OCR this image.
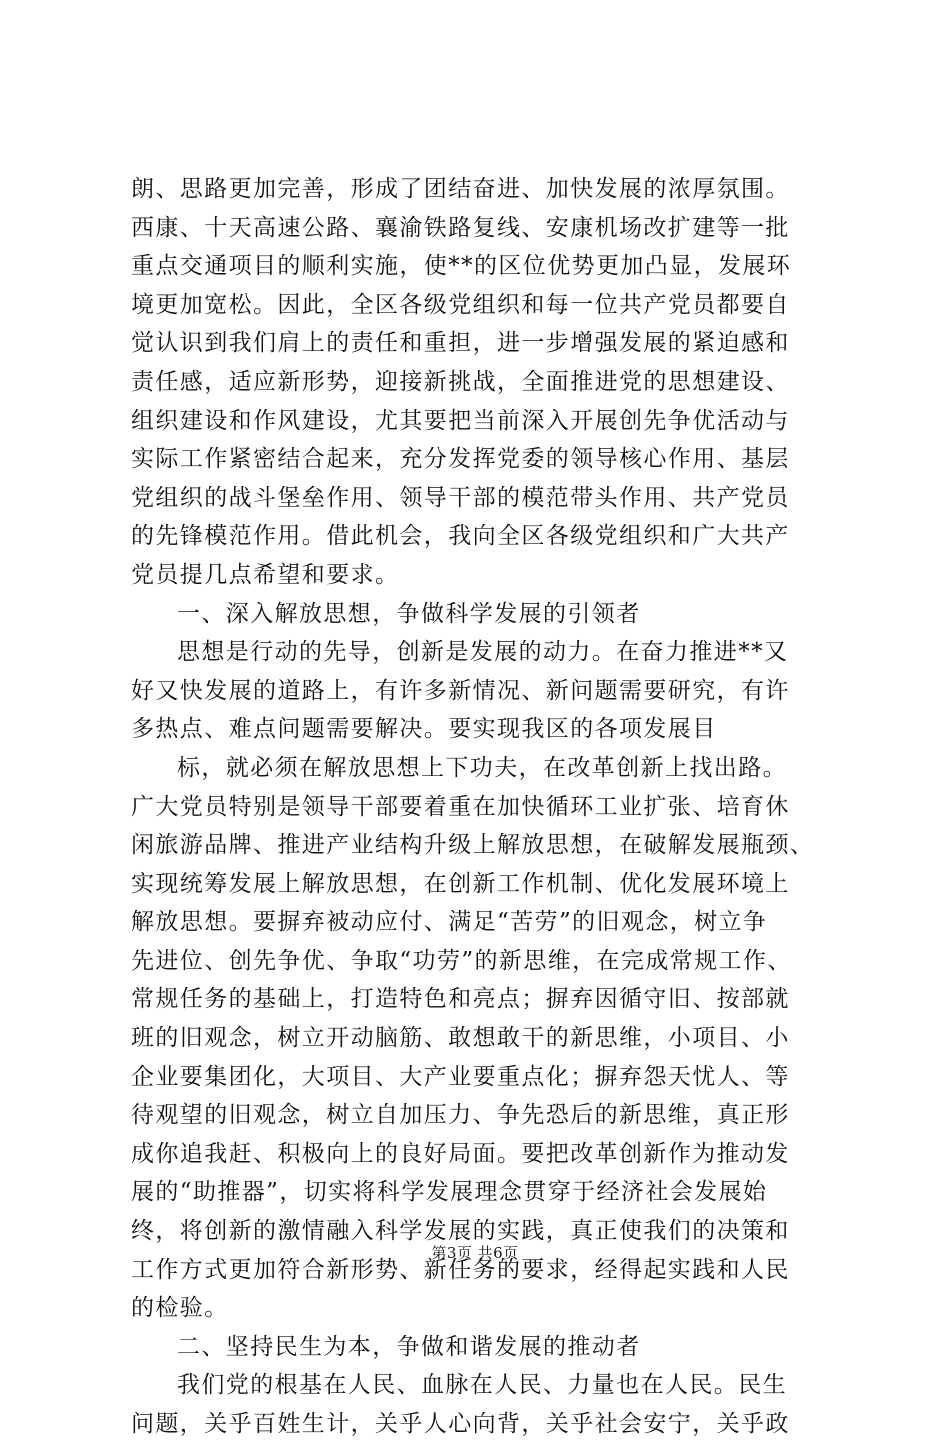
朗、思路更加完善，形成了团结奋进、加快发展的浓厚氛围。
西康、十天高速公路、襄渝铁路复线、安康机场改扩建等一批
重点交通项目的顺利实施，使**的区位优势更加凸显，发展环
境更加宽松。因此，全区各级党组织和每一位共产党员都要自
觉认识到我们肩上的责任和重担，进一步增强发展的紧迫感和
责任感，适应新形势，迎接新挑战，全面推进党的思想建设、
组织建设和作风建设，尤其要把当前深入开展创先争优活动与
实际工作紧密结合起来，充分发挥党委的领导核心作用、基层
党组织的战斗堡垒作用、领导干部的模范带头作用、共产党员
的先锋模范作用。借此机会，我向全区各级党组织和广大共产
党员提几点希望和要求。
一、深入解放思想，争做科学发展的引领者
思想是行动的先导，创新是发展的动力。在奋力推进**又
好又快发展的道路上，有许多新情况、新问题需要研究，有许
多热点、难点问题需要解决。要实现我区的各项发展目
标，就必须在解放思想上下功夫，在改革创新上找出路。
广大党员特别是领导干部要着重在加快循环工业扩张、培育休
闲旅游品牌、推进产业结构升级上解放思想，在破解发展瓶颈、
实现统筹发展上解放思想，在创新工作机制、优化发展环境上
解放思想。要摒弃被动应付、满足“苦劳”的旧观念，树立争
先进位、创先争优、争取“功劳”的新思维，在完成常规工作、
常规任务的基础上，打造特色和亮点；摒弃因循守旧、按部就
班的旧观念，树立开动脑筋、敢想敢干的新思维，小项目、小
企业要集团化，大项目、大产业要重点化；摒弃怨天忧人、等
待观望的旧观念，树立自加压力、争先恐后的新思维，真正形
成你追我赶、积极向上的良好局面。要把改革创新作为推动发
展的“助推器”，切实将科学发展理念贯穿于经济社会发展始
终，将创新的激情融入科学发展的实践，真正使我们的决策和
工作方式更加符合新形势、新任务的要求，经得起实践和人民
的检验。
二、坚持民生为本，争做和谐发展的推动者
我们党的根基在人民、血脉在人民、力量也在人民。民生
问题，关乎百姓生计，关乎人心向背，关乎社会安宁，关乎政
第3页 共6页
